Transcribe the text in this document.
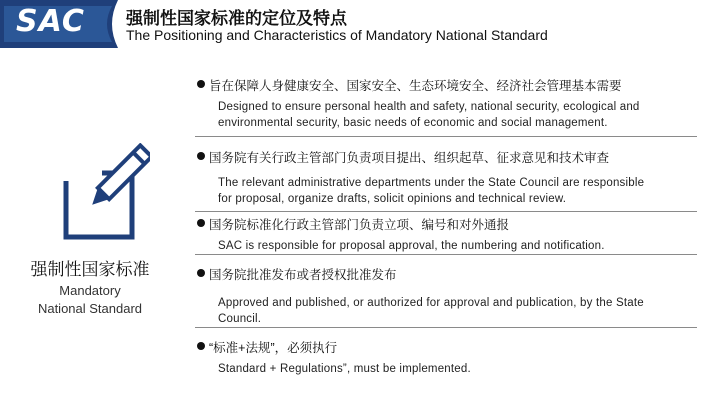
SAC 强制性国家标准的定位及特点
The Positioning and Characteristics of Mandatory National Standard
强制性国家标准
Mandatory
National Standard
旨在保障人身健康安全、国家安全、生态环境安全、经济社会管理基本需要
Designed to ensure personal health and safety, national security, ecological and
environmental security, basic needs of economic and social management.
国务院有关行政主管部门负责项目提出、组织起草、征求意见和技术审查
The relevant administrative departments under the State Council are responsible
for proposal, organize drafts, solicit opinions and technical review.
国务院标准化行政主管部门负责立项、编号和对外通报
SAC is responsible for proposal approval, the numbering and notification.
国务院批准发布或者授权批准发布
Approved and published, or authorized for approval and publication, by the State
Council.
“标准+法规”，必须执行
Standard + Regulations”, must be implemented.
